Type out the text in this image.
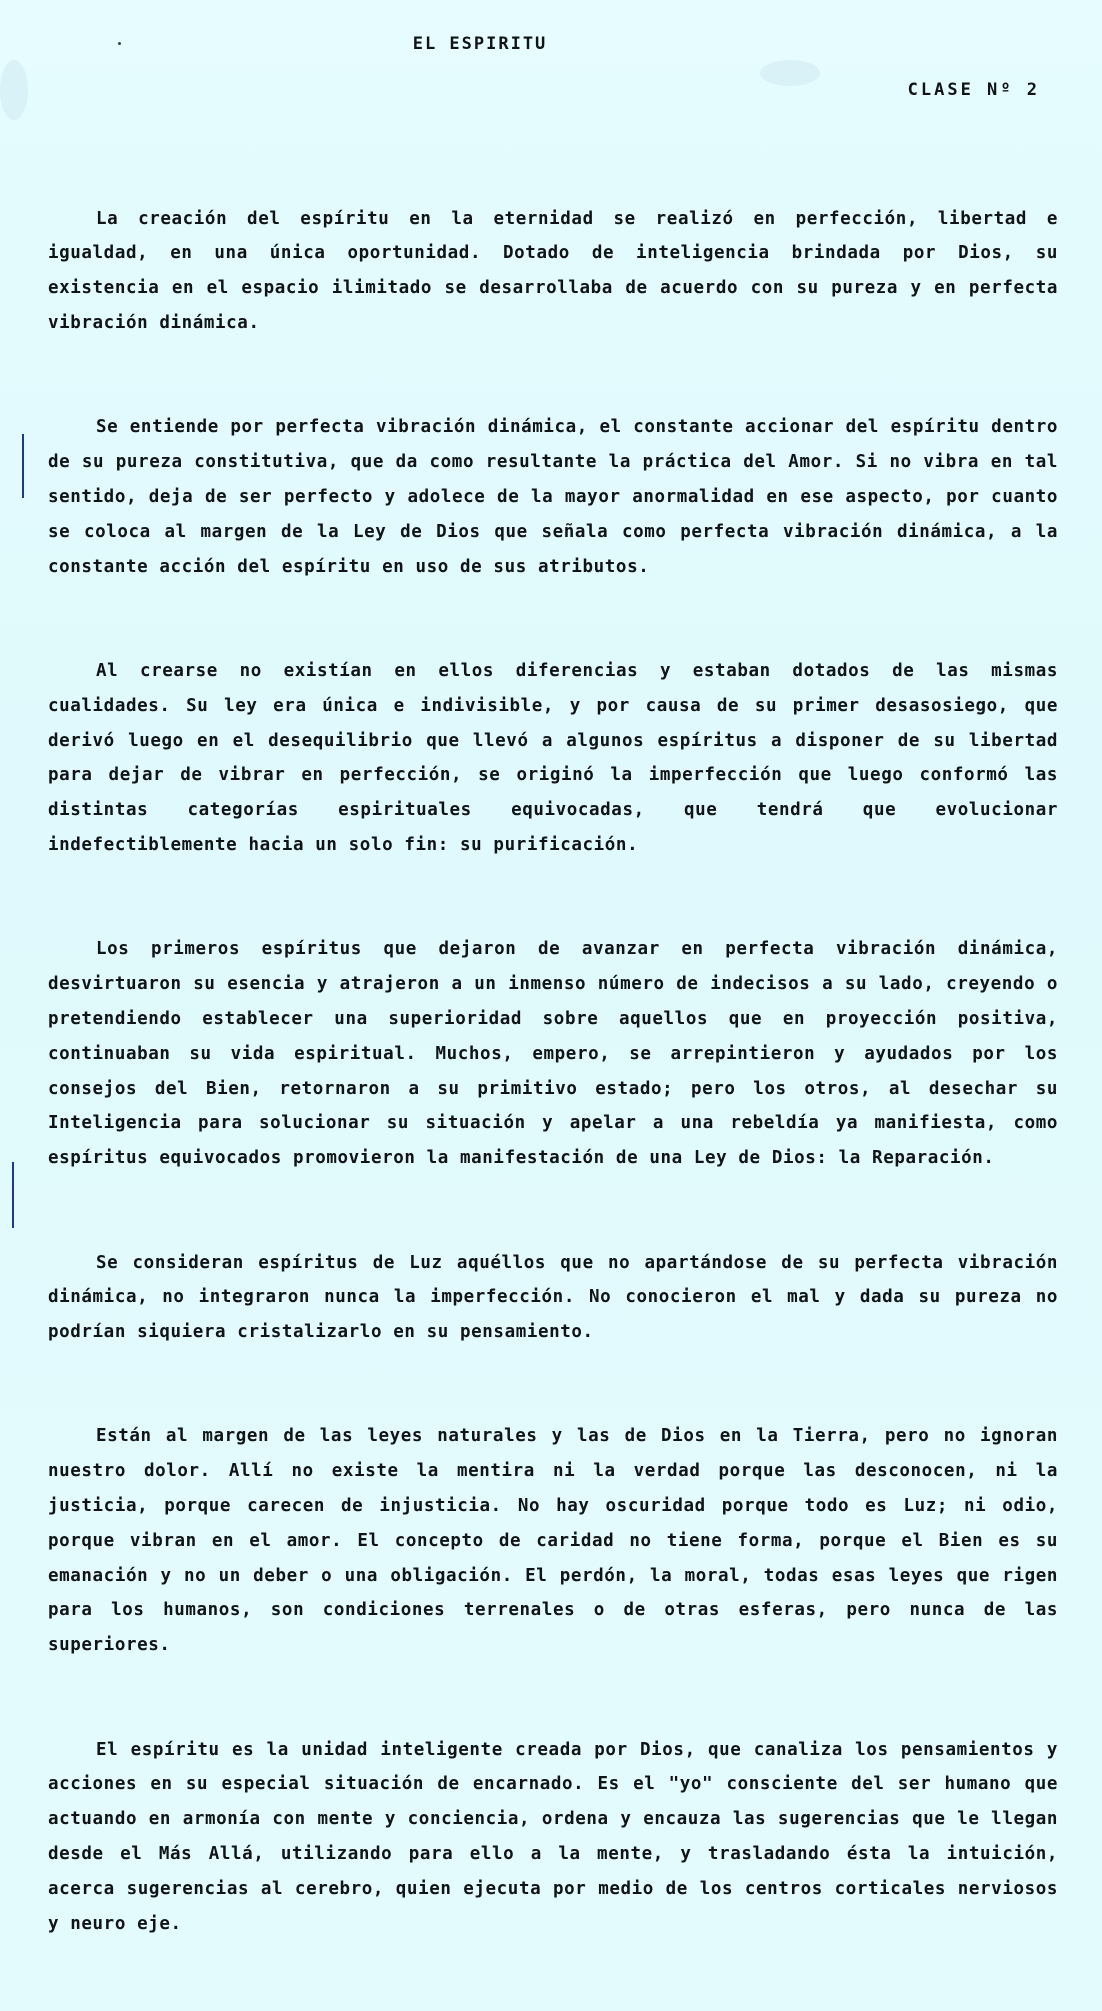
EL ESPIRITU
CLASE Nº 2

La creación del espíritu en la eternidad se realizó en perfección, libertad e igualdad, en una única oportunidad. Dotado de inteligencia brindada por Dios, su existencia en el espacio ilimitado se desarrollaba de acuerdo con su pureza y en perfecta vibración dinámica.

Se entiende por perfecta vibración dinámica, el constante accionar del espíritu dentro de su pureza constitutiva, que da como resultante la práctica del Amor. Si no vibra en tal sentido, deja de ser perfecto y adolece de la mayor anormalidad en ese aspecto, por cuanto se coloca al margen de la Ley de Dios que señala como perfecta vibración dinámica, a la constante acción del espíritu en uso de sus atributos.

Al crearse no existían en ellos diferencias y estaban dotados de las mismas cualidades. Su ley era única e indivisible, y por causa de su primer desasosiego, que derivó luego en el desequilibrio que llevó a algunos espíritus a disponer de su libertad para dejar de vibrar en perfección, se originó la imperfección que luego conformó las distintas categorías espirituales equivocadas, que tendrá que evolucionar indefectiblemente hacia un solo fin: su purificación.

Los primeros espíritus que dejaron de avanzar en perfecta vibración dinámica, desvirtuaron su esencia y atrajeron a un inmenso número de indecisos a su lado, creyendo o pretendiendo establecer una superioridad sobre aquellos que en proyección positiva, continuaban su vida espiritual. Muchos, empero, se arrepintieron y ayudados por los consejos del Bien, retornaron a su primitivo estado; pero los otros, al desechar su Inteligencia para solucionar su situación y apelar a una rebeldía ya manifiesta, como espíritus equivocados promovieron la manifestación de una Ley de Dios: la Reparación.

Se consideran espíritus de Luz aquéllos que no apartándose de su perfecta vibración dinámica, no integraron nunca la imperfección. No conocieron el mal y dada su pureza no podrían siquiera cristalizarlo en su pensamiento.

Están al margen de las leyes naturales y las de Dios en la Tierra, pero no ignoran nuestro dolor. Allí no existe la mentira ni la verdad porque las desconocen, ni la justicia, porque carecen de injusticia. No hay oscuridad porque todo es Luz; ni odio, porque vibran en el amor. El concepto de caridad no tiene forma, porque el Bien es su emanación y no un deber o una obligación. El perdón, la moral, todas esas leyes que rigen para los humanos, son condiciones terrenales o de otras esferas, pero nunca de las superiores.

El espíritu es la unidad inteligente creada por Dios, que canaliza los pensamientos y acciones en su especial situación de encarnado. Es el "yo" consciente del ser humano que actuando en armonía con mente y conciencia, ordena y encauza las sugerencias que le llegan desde el Más Allá, utilizando para ello a la mente, y trasladando ésta la intuición, acerca sugerencias al cerebro, quien ejecuta por medio de los centros corticales nerviosos y neuro eje.
